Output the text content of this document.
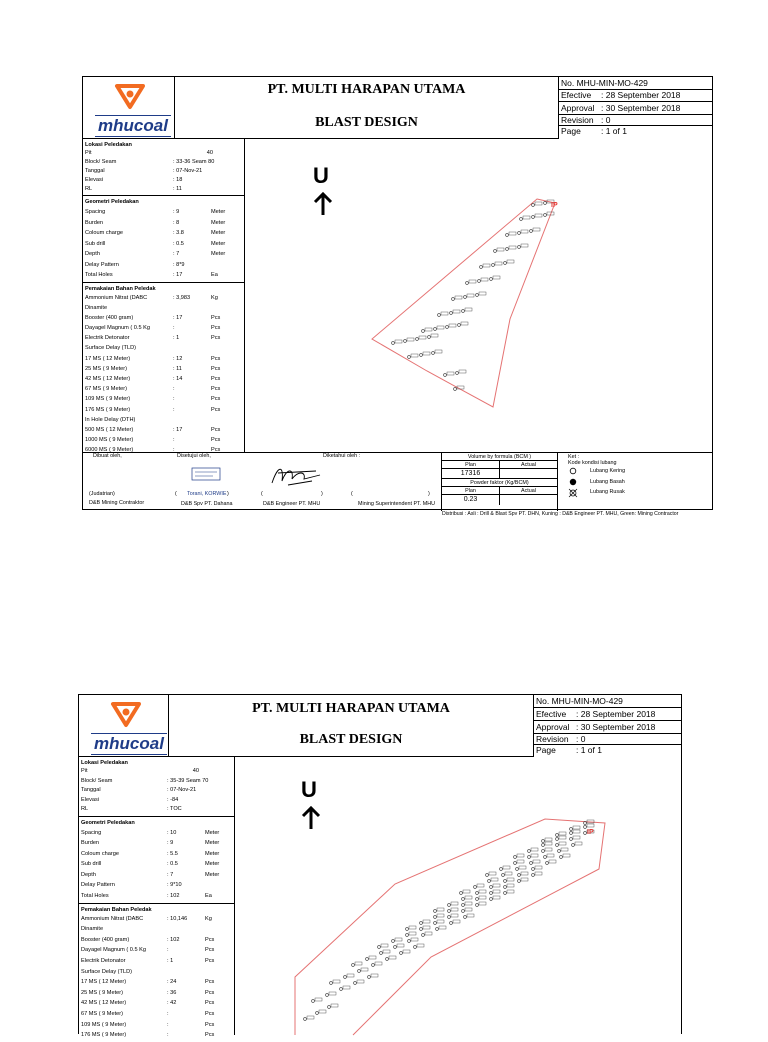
mhucoal
PT. MULTI HARAPAN UTAMA
BLAST DESIGN
No. MHU-MIN-MO-429
Efective	: 28 September 2018
Approval : 30 September 2018
Revision : 0
Page	: 1 of 1
Lokasi Peledakan
Pit	40
Block/ Seam	: 33-36 Seam 80
Tanggal	: 07-Nov-21
Elevasi	: 18
RL	: 11
Geometri Peledakan
Spacing	: 9	Meter
Burden	: 8	Meter
Coloum charge	: 3.8	Meter
Sub drill	: 0.5	Meter
Depth	: 7	Meter
Delay Pattern	: 8*9
Total Holes	: 17	Ea
Pemakaian Bahan Peledak
Ammonium Nitrat (DABC	: 3,983	Kg
Dinamite
Booster (400 gram)	: 17	Pcs
Dayagel Magnum ( 0.5 Kg	:	Pcs
Electrik Detonator	: 1	Pcs
Surface Delay (TLD)
17 MS ( 12 Meter)	: 12	Pcs
25 MS ( 9 Meter)	: 11	Pcs
42 MS ( 12 Meter)	: 14	Pcs
67 MS ( 9 Meter)	:	Pcs
109 MS ( 9 Meter)	:	Pcs
176 MS ( 9 Meter)	:	Pcs
In Hole Delay (DTH)
500 MS ( 12 Meter)	: 17	Pcs
1000 MS ( 9 Meter)	:	Pcs
6000 MS ( 9 Meter)	:	Pcs
U
IP
Dibuat oleh,	Disetujui oleh,	Diketahui oleh :
(Judatrian)	( Torani, KORWIE )	(	)	(	)
D&B Mining Contraktor	D&B Spv PT. Dahana	D&B Engineer PT. MHU	Mining Superintendent PT. MHU
Volume by formula (BCM )
Plan	Actual
17316
Powder faktor (Kg/BCM)
Plan	Actual
0.23
Ket :
Kode kondisi lubang
Lubang Kering
Lubang Basah
Lubang Rusak
Distribusi : Asli : Drill & Blast Spv PT. DHN, Kuning : D&B Engineer PT. MHU, Green: Mining Contractor
mhucoal
PT. MULTI HARAPAN UTAMA
BLAST DESIGN
No. MHU-MIN-MO-429
Efective	: 28 September 2018
Approval : 30 September 2018
Revision : 0
Page	: 1 of 1
Lokasi Peledakan
Pit	40
Block/ Seam	: 35-39 Seam 70
Tanggal	: 07-Nov-21
Elevasi	: -84
RL	: TOC
Geometri Peledakan
Spacing	: 10	Meter
Burden	: 9	Meter
Coloum charge	: 5.5	Meter
Sub drill	: 0.5	Meter
Depth	: 7	Meter
Delay Pattern	: 9*10
Total Holes	: 102	Ea
Pemakaian Bahan Peledak
Ammonium Nitrat (DABC	: 10,146	Kg
Dinamite
Booster (400 gram)	: 102	Pcs
Dayagel Magnum ( 0.5 Kg	:	Pcs
Electrik Detonator	: 1	Pcs
Surface Delay (TLD)
17 MS ( 12 Meter)	: 24	Pcs
25 MS ( 9 Meter)	: 36	Pcs
42 MS ( 12 Meter)	: 42	Pcs
67 MS ( 9 Meter)	:	Pcs
109 MS ( 9 Meter)	:	Pcs
176 MS ( 9 Meter)	:	Pcs
U
IP
